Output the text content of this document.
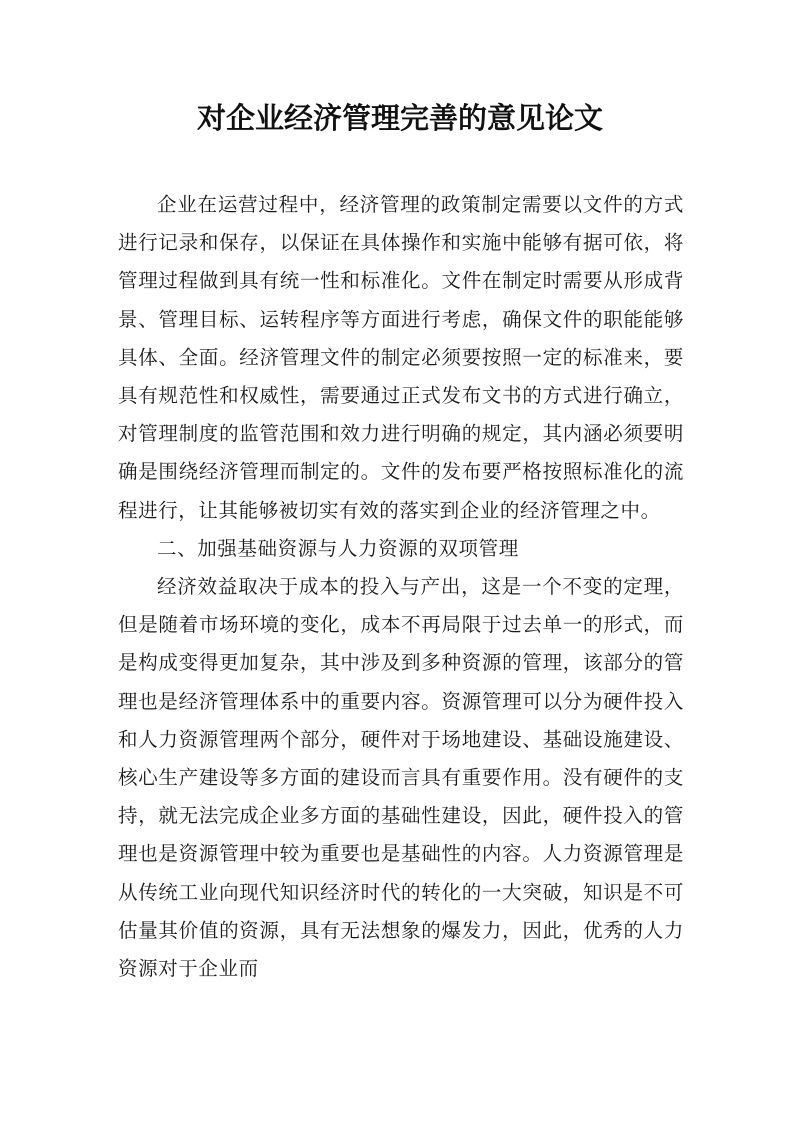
对企业经济管理完善的意见论文

企业在运营过程中，经济管理的政策制定需要以文件的方式进行记录和保存，以保证在具体操作和实施中能够有据可依，将管理过程做到具有统一性和标准化。文件在制定时需要从形成背景、管理目标、运转程序等方面进行考虑，确保文件的职能能够具体、全面。经济管理文件的制定必须要按照一定的标准来，要具有规范性和权威性，需要通过正式发布文书的方式进行确立，对管理制度的监管范围和效力进行明确的规定，其内涵必须要明确是围绕经济管理而制定的。文件的发布要严格按照标准化的流程进行，让其能够被切实有效的落实到企业的经济管理之中。

二、加强基础资源与人力资源的双项管理

经济效益取决于成本的投入与产出，这是一个不变的定理，但是随着市场环境的变化，成本不再局限于过去单一的形式，而是构成变得更加复杂，其中涉及到多种资源的管理，该部分的管理也是经济管理体系中的重要内容。资源管理可以分为硬件投入和人力资源管理两个部分，硬件对于场地建设、基础设施建设、核心生产建设等多方面的建设而言具有重要作用。没有硬件的支持，就无法完成企业多方面的基础性建设，因此，硬件投入的管理也是资源管理中较为重要也是基础性的内容。人力资源管理是从传统工业向现代知识经济时代的转化的一大突破，知识是不可估量其价值的资源，具有无法想象的爆发力，因此，优秀的人力资源对于企业而
